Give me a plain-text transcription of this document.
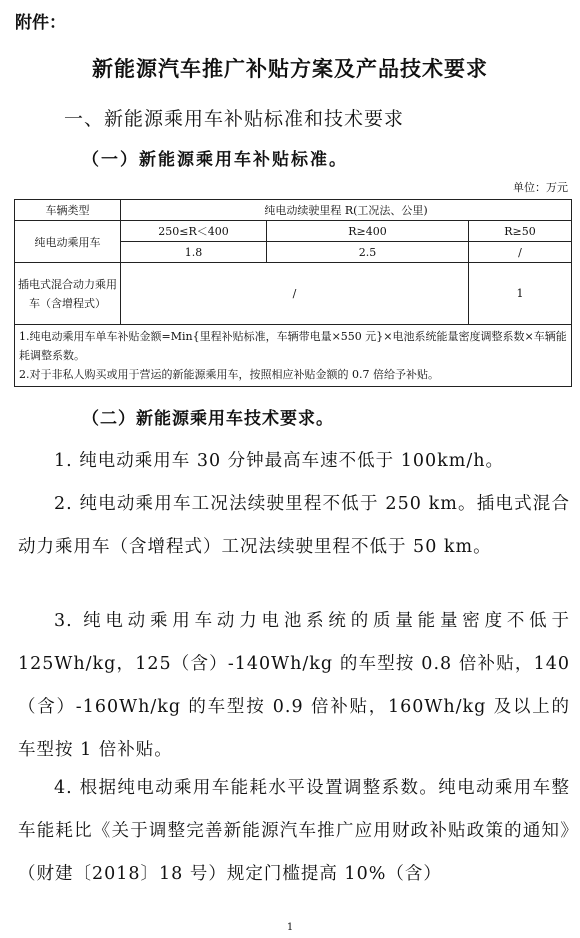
附件：
新能源汽车推广补贴方案及产品技术要求
一、新能源乘用车补贴标准和技术要求
（一）新能源乘用车补贴标准。
单位：万元
车辆类型	纯电动续驶里程 R(工况法、公里)		
纯电动乘用车	250≤R＜400	R≥400	R≥50
	1.8	2.5	/
插电式混合动力乘用车（含增程式）	/		1

1.纯电动乘用车单车补贴金额=Min{里程补贴标准，车辆带电量×550 元}×电池系统能量密度调整系数×车辆能耗调整系数。
2.对于非私人购买或用于营运的新能源乘用车，按照相应补贴金额的 0.7 倍给予补贴。			
（二）新能源乘用车技术要求。
1. 纯电动乘用车 30 分钟最高车速不低于 100km/h。
2. 纯电动乘用车工况法续驶里程不低于 250 km。插电式混合动力乘用车（含增程式）工况法续驶里程不低于 50 km。
3. 纯电动乘用车动力电池系统的质量能量密度不低于 125Wh/kg，125（含）-140Wh/kg 的车型按 0.8 倍补贴，140（含）-160Wh/kg 的车型按 0.9 倍补贴，160Wh/kg 及以上的车型按 1 倍补贴。
4. 根据纯电动乘用车能耗水平设置调整系数。纯电动乘用车整车能耗比《关于调整完善新能源汽车推广应用财政补贴政策的通知》（财建〔2018〕18 号）规定门槛提高 10%（含）
1
